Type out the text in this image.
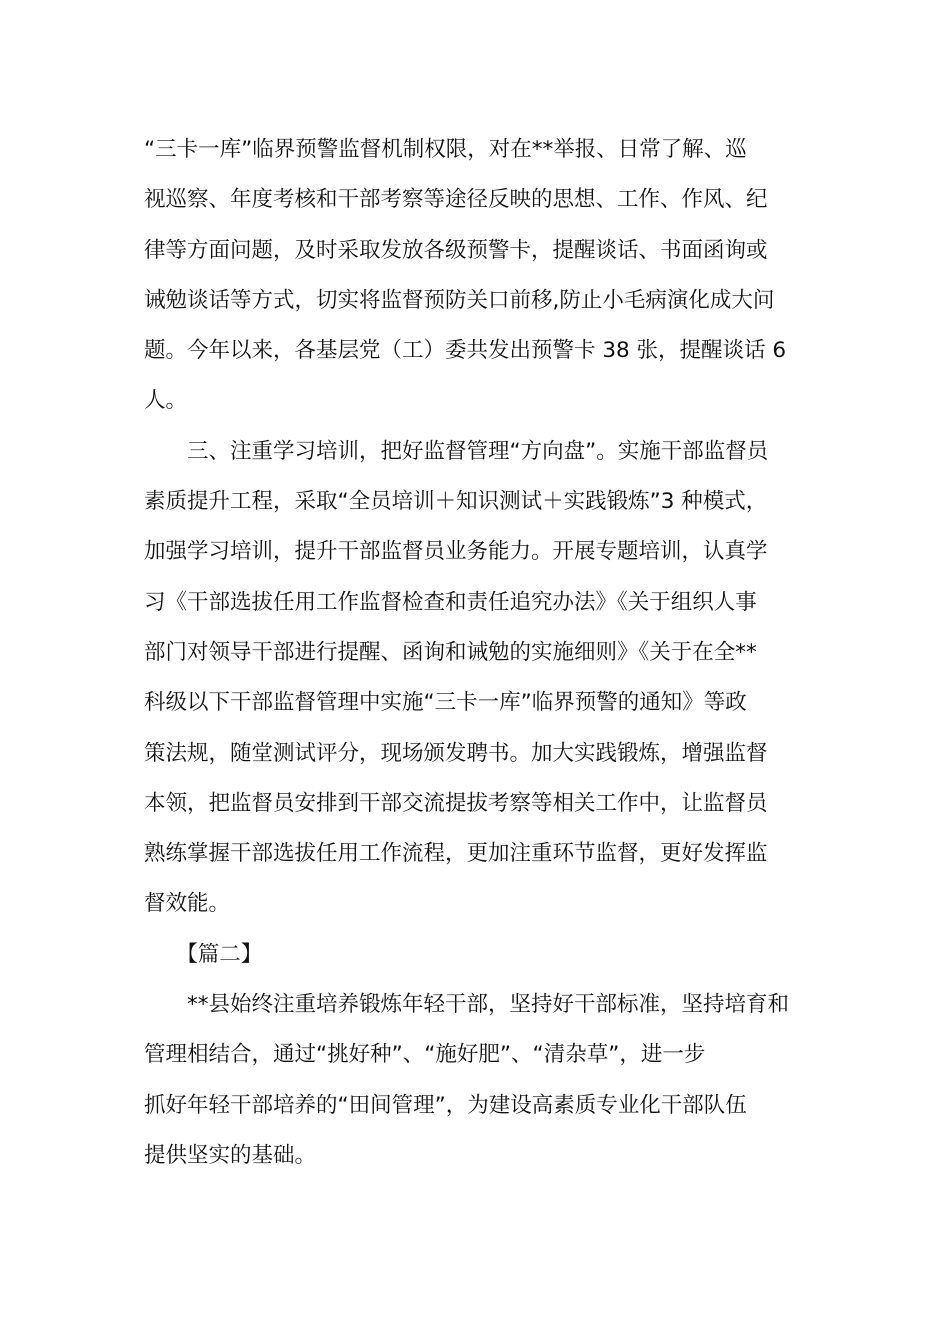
“三卡一库”临界预警监督机制权限，对在**举报、日常了解、巡
视巡察、年度考核和干部考察等途径反映的思想、工作、作风、纪
律等方面问题，及时采取发放各级预警卡，提醒谈话、书面函询或
诫勉谈话等方式，切实将监督预防关口前移,防止小毛病演化成大问
题。今年以来，各基层党（工）委共发出预警卡 38 张，提醒谈话 6
人。
　　三、注重学习培训，把好监督管理“方向盘”。实施干部监督员
素质提升工程，采取“全员培训＋知识测试＋实践锻炼”3 种模式，
加强学习培训，提升干部监督员业务能力。开展专题培训，认真学
习《干部选拔任用工作监督检查和责任追究办法》《关于组织人事
部门对领导干部进行提醒、函询和诫勉的实施细则》《关于在全**
科级以下干部监督管理中实施“三卡一库”临界预警的通知》等政
策法规，随堂测试评分，现场颁发聘书。加大实践锻炼，增强监督
本领，把监督员安排到干部交流提拔考察等相关工作中，让监督员
熟练掌握干部选拔任用工作流程，更加注重环节监督，更好发挥监
督效能。
　　【篇二】
　　**县始终注重培养锻炼年轻干部，坚持好干部标准，坚持培育和
管理相结合，通过“挑好种”、“施好肥”、“清杂草”，进一步
抓好年轻干部培养的“田间管理”，为建设高素质专业化干部队伍
提供坚实的基础。
